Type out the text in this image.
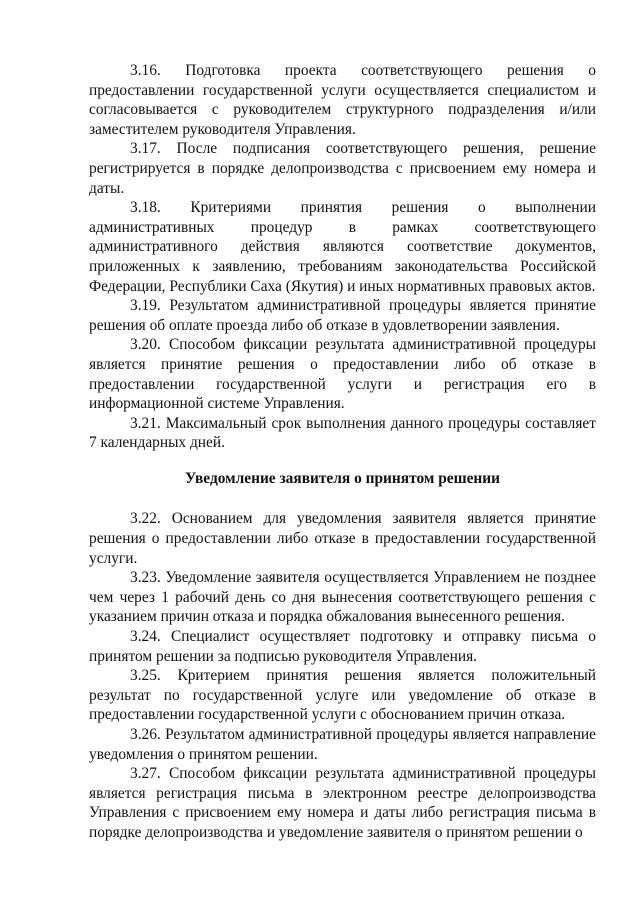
3.16. Подготовка проекта соответствующего решения о предоставлении государственной услуги осуществляется специалистом и согласовывается с руководителем структурного подразделения и/или заместителем руководителя Управления.

3.17. После подписания соответствующего решения, решение регистрируется в порядке делопроизводства с присвоением ему номера и даты.

3.18. Критериями принятия решения о выполнении административных процедур в рамках соответствующего административного действия являются соответствие документов, приложенных к заявлению, требованиям законодательства Российской Федерации, Республики Саха (Якутия) и иных нормативных правовых актов.

3.19. Результатом административной процедуры является принятие решения об оплате проезда либо об отказе в удовлетворении заявления.

3.20. Способом фиксации результата административной процедуры является принятие решения о предоставлении либо об отказе в предоставлении государственной услуги и регистрация его в информационной системе Управления.

3.21. Максимальный срок выполнения данного процедуры составляет 7 календарных дней.

Уведомление заявителя о принятом решении

3.22. Основанием для уведомления заявителя является принятие решения о предоставлении либо отказе в предоставлении государственной услуги.

3.23. Уведомление заявителя осуществляется Управлением не позднее чем через 1 рабочий день со дня вынесения соответствующего решения с указанием причин отказа и порядка обжалования вынесенного решения.

3.24. Специалист осуществляет подготовку и отправку письма о принятом решении за подписью руководителя Управления.

3.25. Критерием принятия решения является положительный результат по государственной услуге или уведомление об отказе в предоставлении государственной услуги с обоснованием причин отказа.

3.26. Результатом административной процедуры является направление уведомления о принятом решении.

3.27. Способом фиксации результата административной процедуры является регистрация письма в электронном реестре делопроизводства Управления с присвоением ему номера и даты либо регистрация письма в порядке делопроизводства и уведомление заявителя о принятом решении о
